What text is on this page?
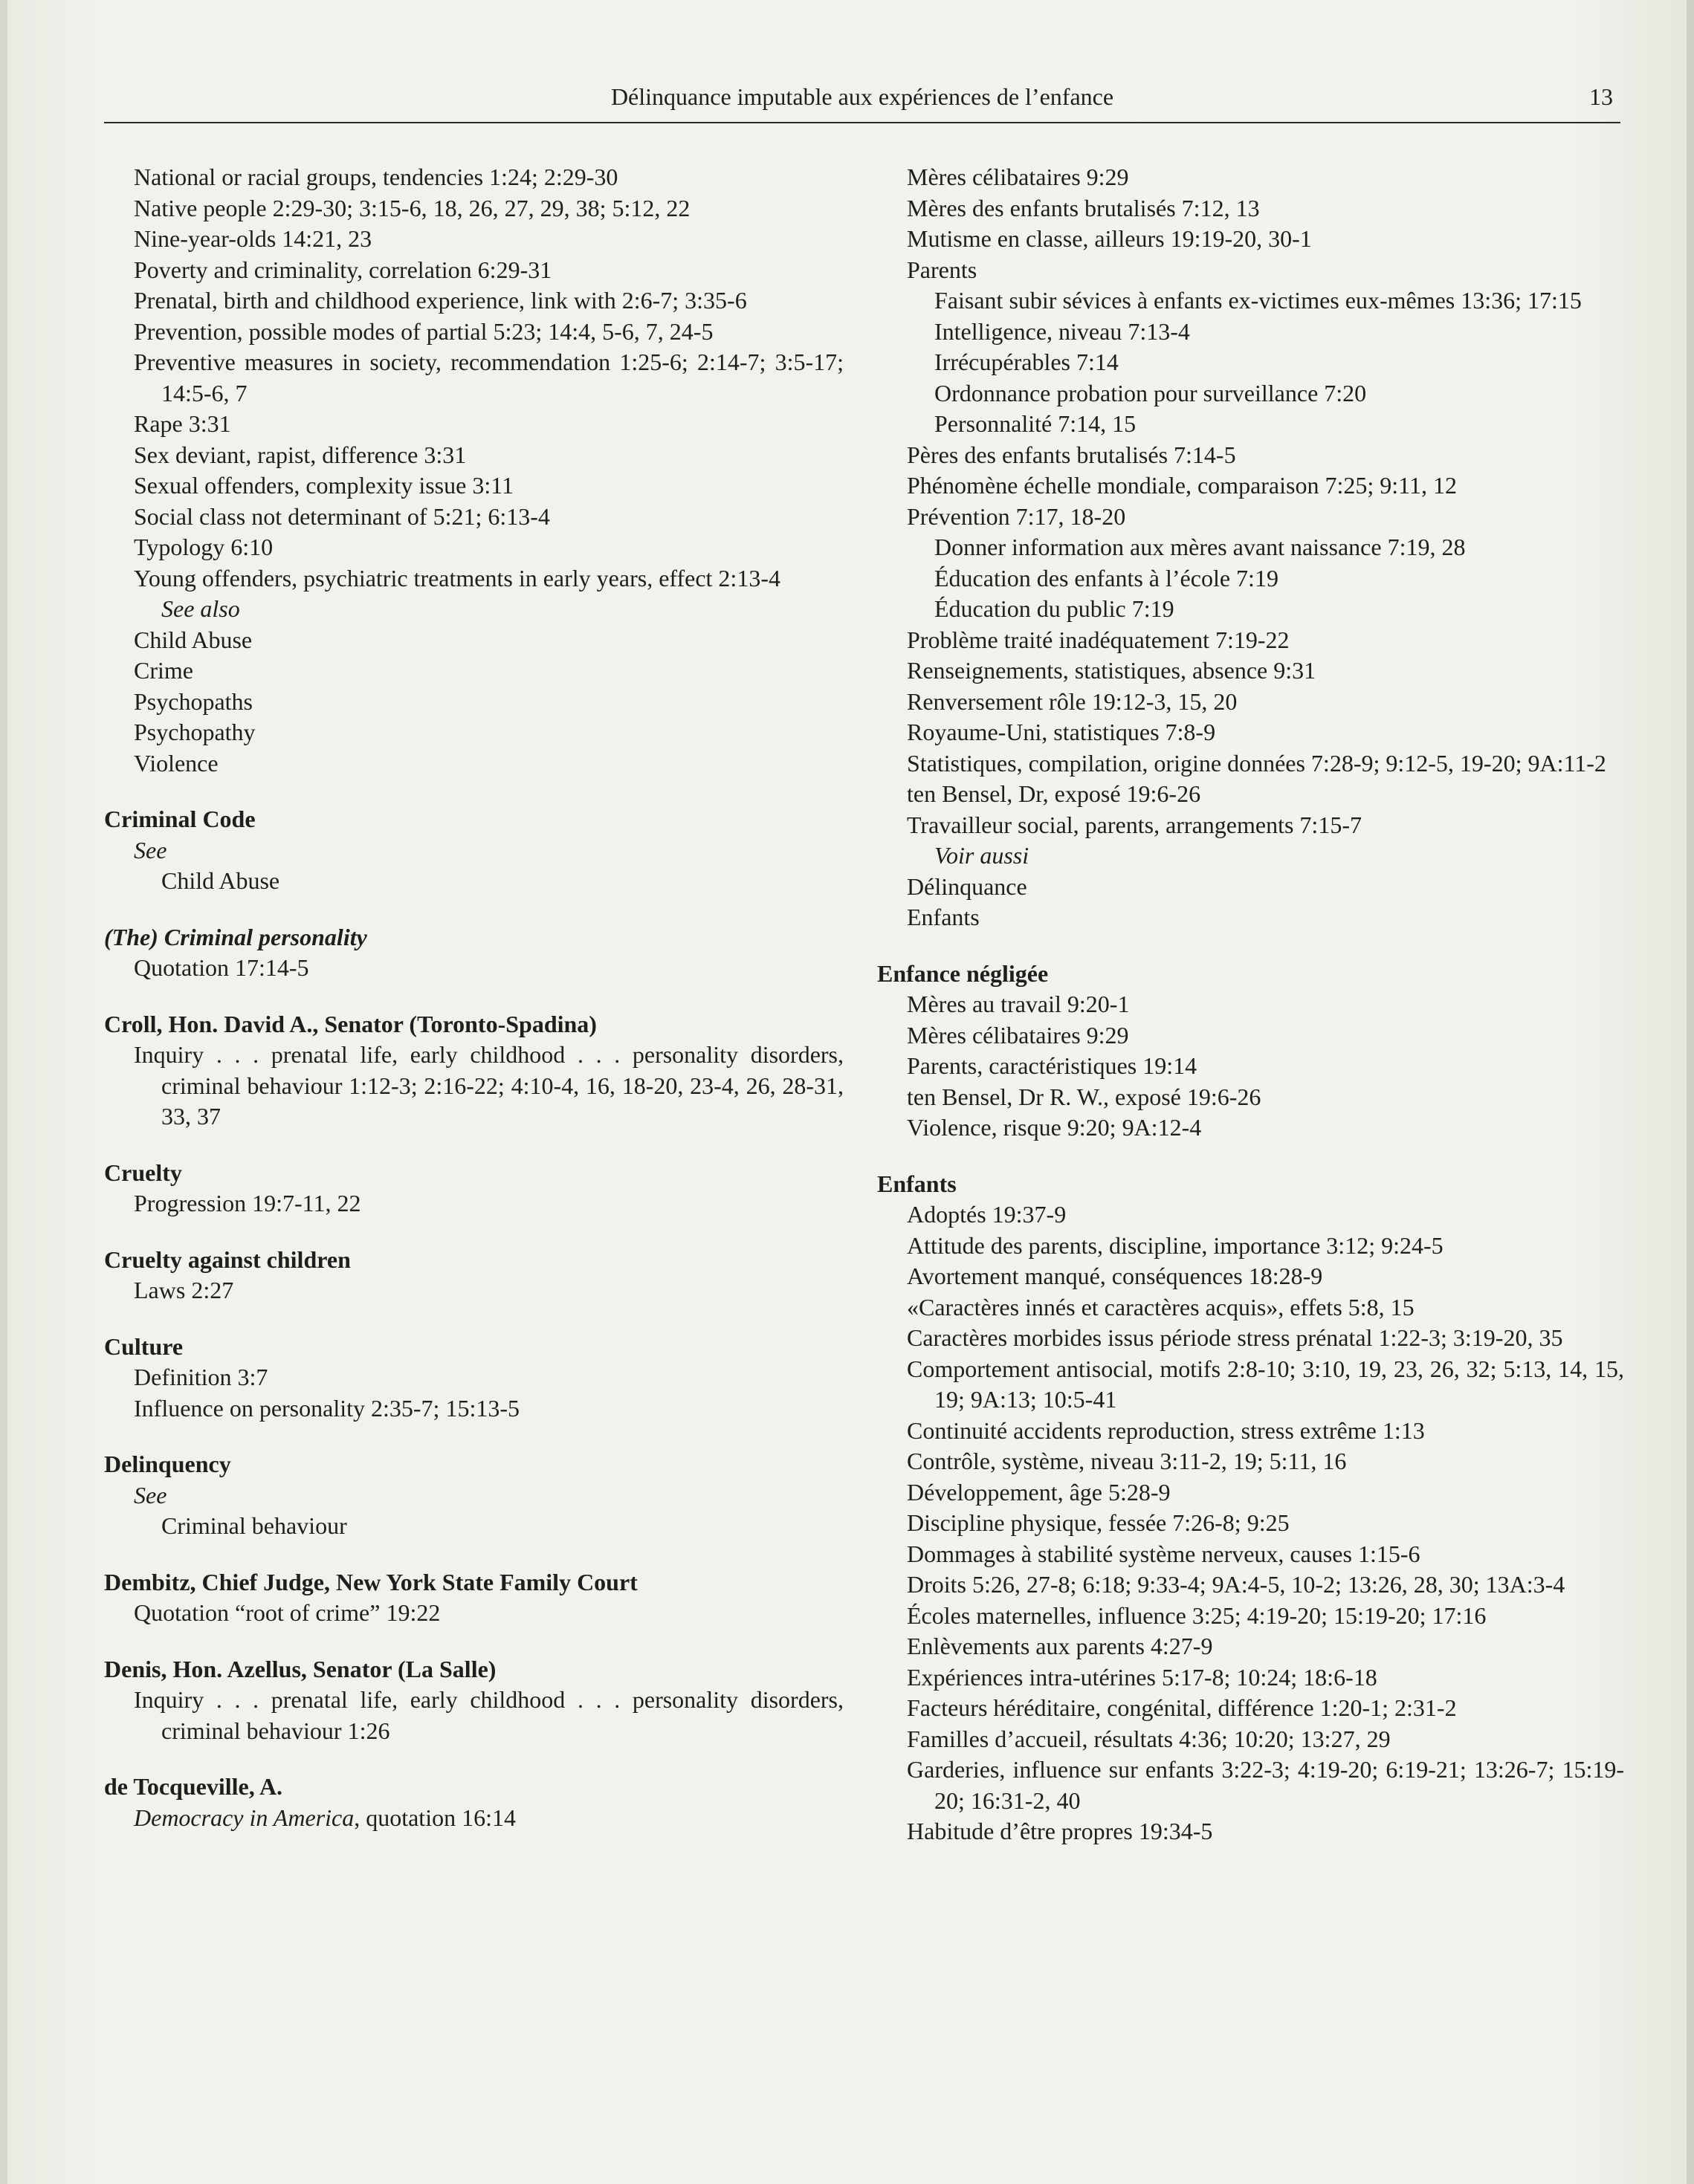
Délinquance imputable aux expériences de l’enfance	13
National or racial groups, tendencies 1:24; 2:29-30
Native people 2:29-30; 3:15-6, 18, 26, 27, 29, 38; 5:12, 22
Nine-year-olds 14:21, 23
Poverty and criminality, correlation 6:29-31
Prenatal, birth and childhood experience, link with 2:6-7; 3:35-6
Prevention, possible modes of partial 5:23; 14:4, 5-6, 7, 24-5
Preventive measures in society, recommendation 1:25-6; 2:14-7; 3:5-17; 14:5-6, 7
Rape 3:31
Sex deviant, rapist, difference 3:31
Sexual offenders, complexity issue 3:11
Social class not determinant of 5:21; 6:13-4
Typology 6:10
Young offenders, psychiatric treatments in early years, effect 2:13-4
See also
Child Abuse
Crime
Psychopaths
Psychopathy
Violence
Criminal Code
See
Child Abuse
(The) Criminal personality
Quotation 17:14-5
Croll, Hon. David A., Senator (Toronto-Spadina)
Inquiry . . . prenatal life, early childhood . . . personality disorders, criminal behaviour 1:12-3; 2:16-22; 4:10-4, 16, 18-20, 23-4, 26, 28-31, 33, 37
Cruelty
Progression 19:7-11, 22
Cruelty against children
Laws 2:27
Culture
Definition 3:7
Influence on personality 2:35-7; 15:13-5
Delinquency
See
Criminal behaviour
Dembitz, Chief Judge, New York State Family Court
Quotation “root of crime” 19:22
Denis, Hon. Azellus, Senator (La Salle)
Inquiry . . . prenatal life, early childhood . . . personality disorders, criminal behaviour 1:26
de Tocqueville, A.
Democracy in America, quotation 16:14
Mères célibataires 9:29
Mères des enfants brutalisés 7:12, 13
Mutisme en classe, ailleurs 19:19-20, 30-1
Parents
Faisant subir sévices à enfants ex-victimes eux-mêmes 13:36; 17:15
Intelligence, niveau 7:13-4
Irrécupérables 7:14
Ordonnance probation pour surveillance 7:20
Personnalité 7:14, 15
Pères des enfants brutalisés 7:14-5
Phénomène échelle mondiale, comparaison 7:25; 9:11, 12
Prévention 7:17, 18-20
Donner information aux mères avant naissance 7:19, 28
Éducation des enfants à l’école 7:19
Éducation du public 7:19
Problème traité inadéquatement 7:19-22
Renseignements, statistiques, absence 9:31
Renversement rôle 19:12-3, 15, 20
Royaume-Uni, statistiques 7:8-9
Statistiques, compilation, origine données 7:28-9; 9:12-5, 19-20; 9A:11-2
ten Bensel, Dr, exposé 19:6-26
Travailleur social, parents, arrangements 7:15-7
Voir aussi
Délinquance
Enfants
Enfance négligée
Mères au travail 9:20-1
Mères célibataires 9:29
Parents, caractéristiques 19:14
ten Bensel, Dr R. W., exposé 19:6-26
Violence, risque 9:20; 9A:12-4
Enfants
Adoptés 19:37-9
Attitude des parents, discipline, importance 3:12; 9:24-5
Avortement manqué, conséquences 18:28-9
«Caractères innés et caractères acquis», effets 5:8, 15
Caractères morbides issus période stress prénatal 1:22-3; 3:19-20, 35
Comportement antisocial, motifs 2:8-10; 3:10, 19, 23, 26, 32; 5:13, 14, 15, 19; 9A:13; 10:5-41
Continuité accidents reproduction, stress extrême 1:13
Contrôle, système, niveau 3:11-2, 19; 5:11, 16
Développement, âge 5:28-9
Discipline physique, fessée 7:26-8; 9:25
Dommages à stabilité système nerveux, causes 1:15-6
Droits 5:26, 27-8; 6:18; 9:33-4; 9A:4-5, 10-2; 13:26, 28, 30; 13A:3-4
Écoles maternelles, influence 3:25; 4:19-20; 15:19-20; 17:16
Enlèvements aux parents 4:27-9
Expériences intra-utérines 5:17-8; 10:24; 18:6-18
Facteurs héréditaire, congénital, différence 1:20-1; 2:31-2
Familles d’accueil, résultats 4:36; 10:20; 13:27, 29
Garderies, influence sur enfants 3:22-3; 4:19-20; 6:19-21; 13:26-7; 15:19-20; 16:31-2, 40
Habitude d’être propres 19:34-5
